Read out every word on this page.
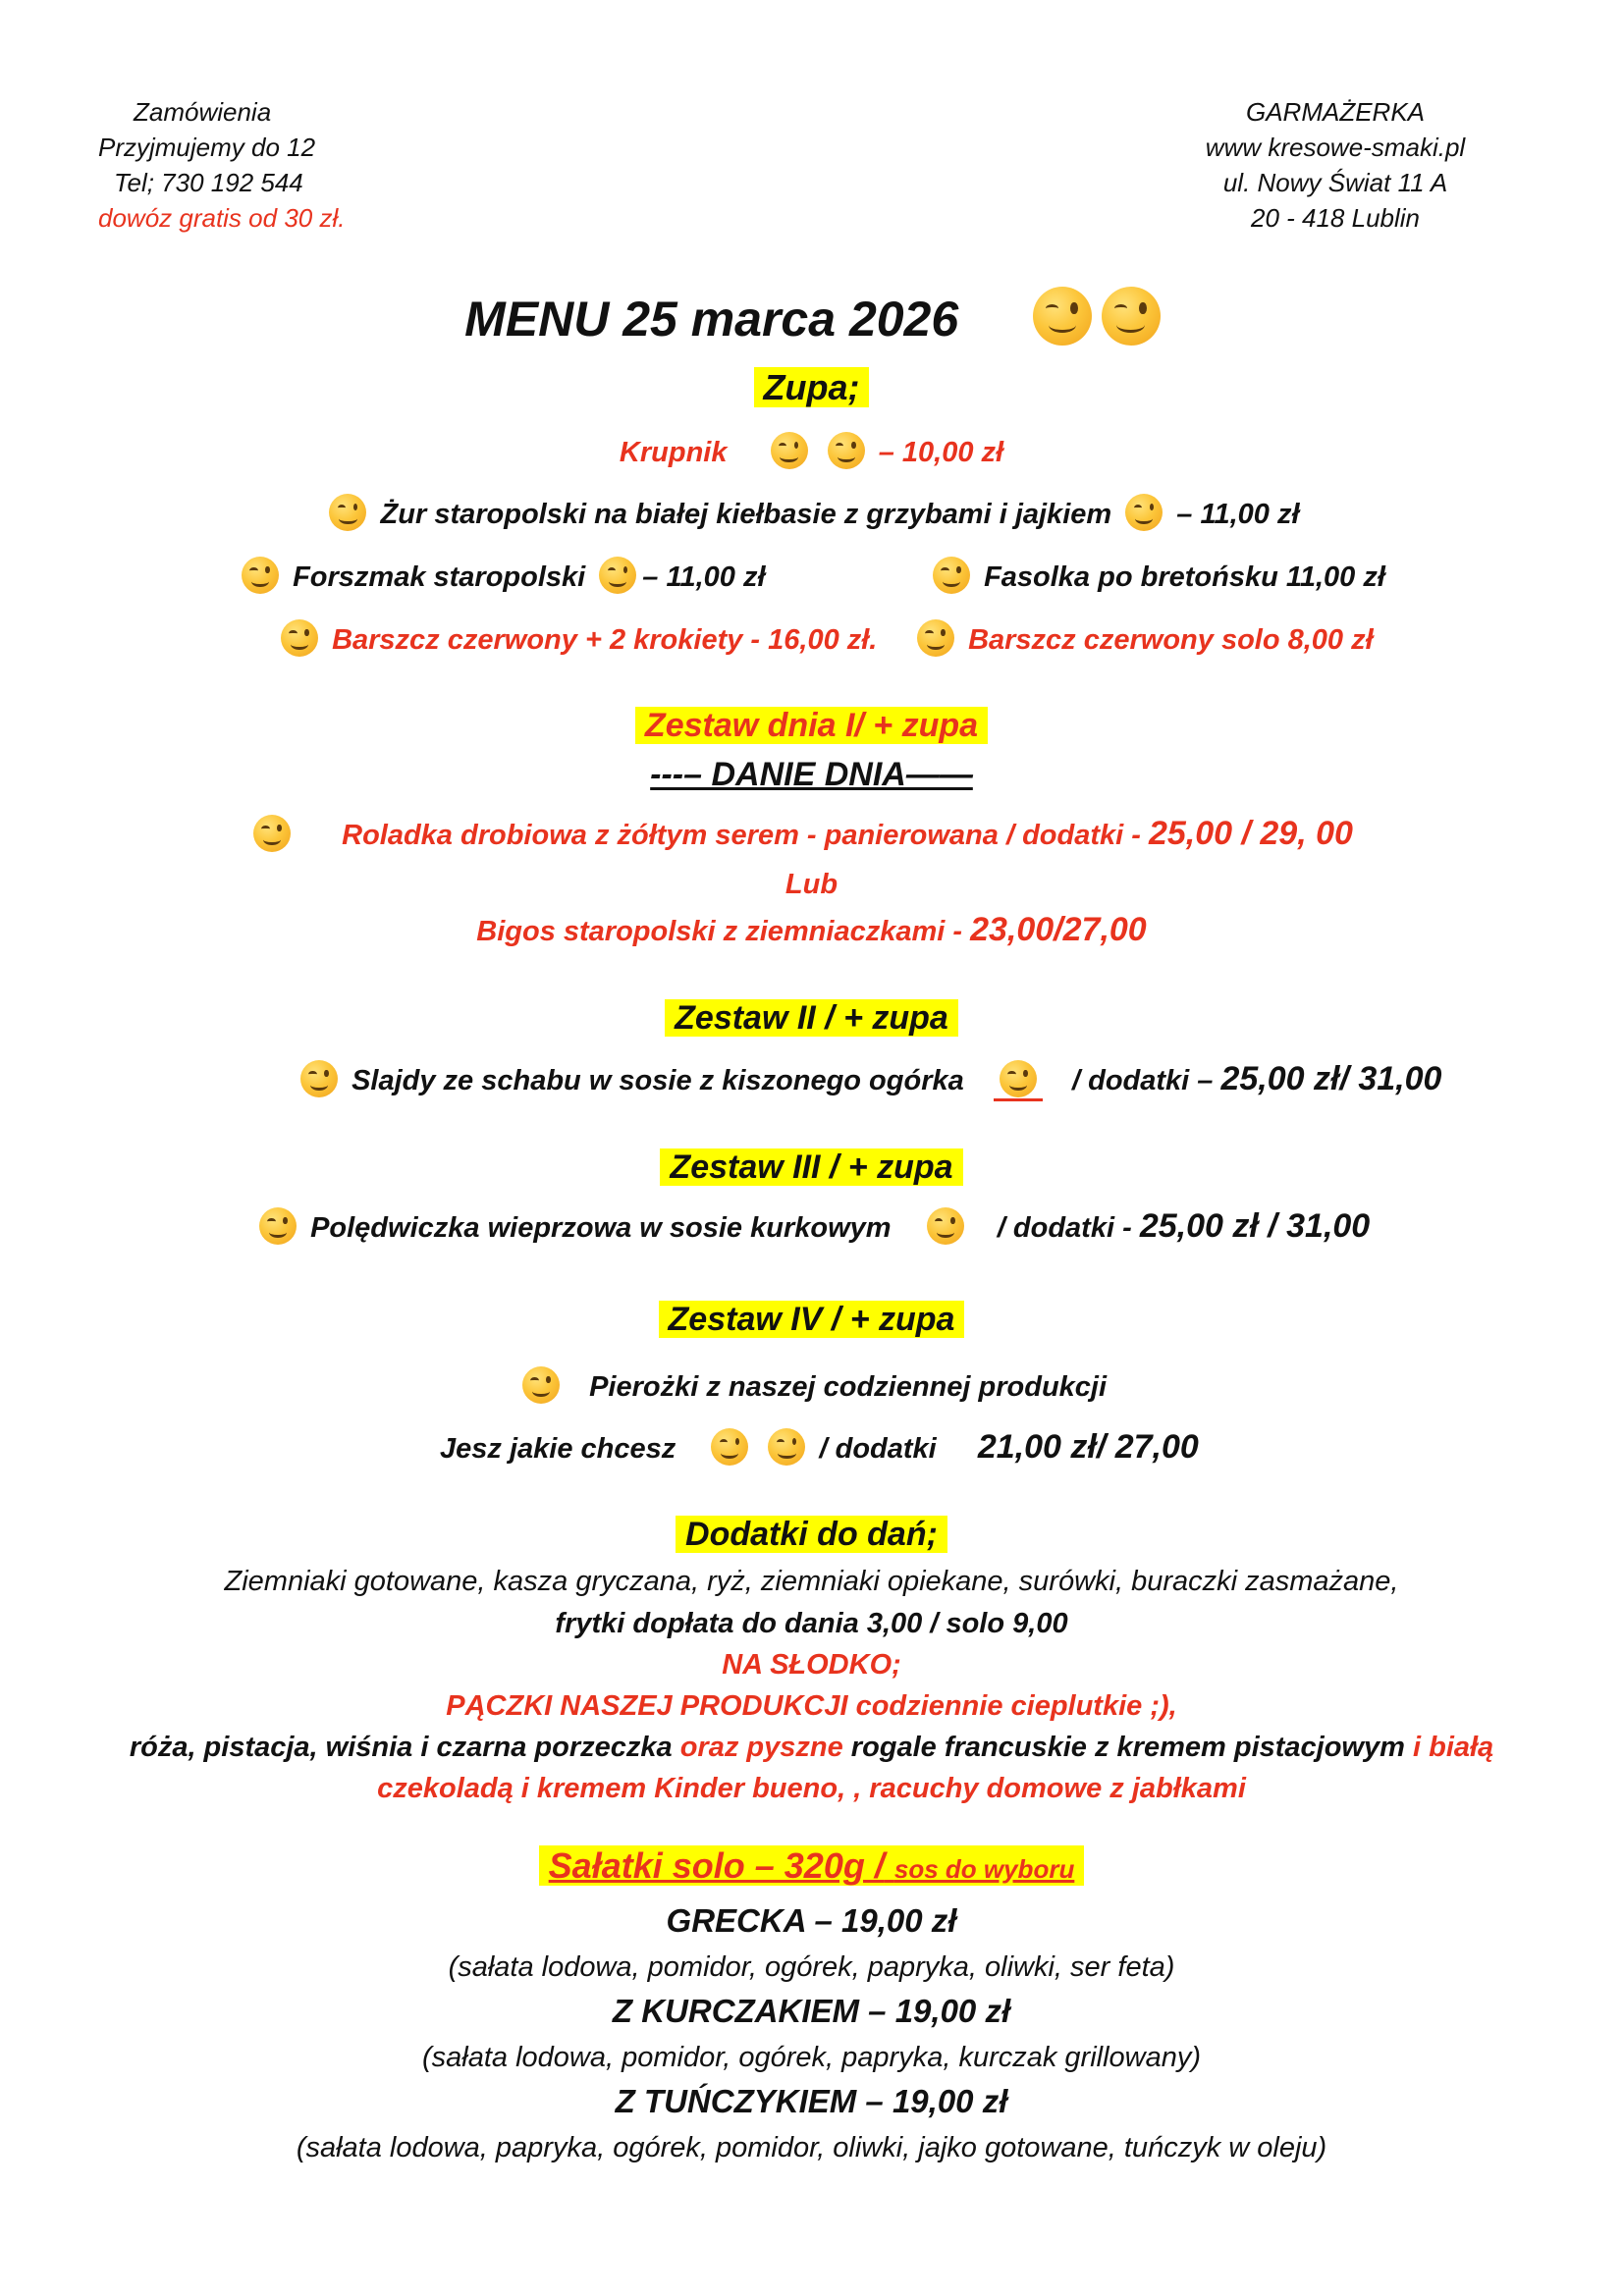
Zamówienia
Przyjmujemy do 12
Tel; 730 192 544
dowóz gratis od 30 zł.
GARMAŻERKA
www kresowe-smaki.pl
ul. Nowy Świat 11 A
20 - 418 Lublin
MENU 25 marca 2026

Zupa;
Krupnik
	– 10,00 zł
Żur staropolski na białej kiełbasie z grzybami i jajkiem – 11,00 zł
Forszmak staropolski – 11,00 zł	Fasolka po bretońsku 11,00 zł
Barszcz czerwony + 2 krokiety - 16,00 zł.	Barszcz czerwony solo 8,00 zł
Zestaw dnia I/ + zupa
---– DANIE DNIA——
Roladka drobiowa z żółtym serem - panierowana / dodatki - 25,00 / 29, 00
Lub
Bigos staropolski z ziemniaczkami - 23,00/27,00
Zestaw II / + zupa
Slajdy ze schabu w sosie z kiszonego ogórka	/ dodatki – 25,00 zł/ 31,00
Zestaw III / + zupa
Polędwiczka wieprzowa w sosie kurkowym	/ dodatki - 25,00 zł / 31,00
Zestaw IV / + zupa
Pierożki z naszej codziennej produkcji
Jesz jakie chcesz
	/ dodatki 21,00 zł/ 27,00
Dodatki do dań;
Ziemniaki gotowane, kasza gryczana, ryż, ziemniaki opiekane, surówki, buraczki zasmażane,
frytki dopłata do dania 3,00 / solo 9,00
NA SŁODKO;
PĄCZKI NASZEJ PRODUKCJI codziennie cieplutkie ;),
róża, pistacja, wiśnia i czarna porzeczka oraz pyszne rogale francuskie z kremem pistacjowym i białą
czekoladą i kremem Kinder bueno, , racuchy domowe z jabłkami
Sałatki solo – 320g / sos do wyboru
GRECKA – 19,00 zł
(sałata lodowa, pomidor, ogórek, papryka, oliwki, ser feta)
Z KURCZAKIEM – 19,00 zł
(sałata lodowa, pomidor, ogórek, papryka, kurczak grillowany)
Z TUŃCZYKIEM – 19,00 zł
(sałata lodowa, papryka, ogórek, pomidor, oliwki, jajko gotowane, tuńczyk w oleju)
